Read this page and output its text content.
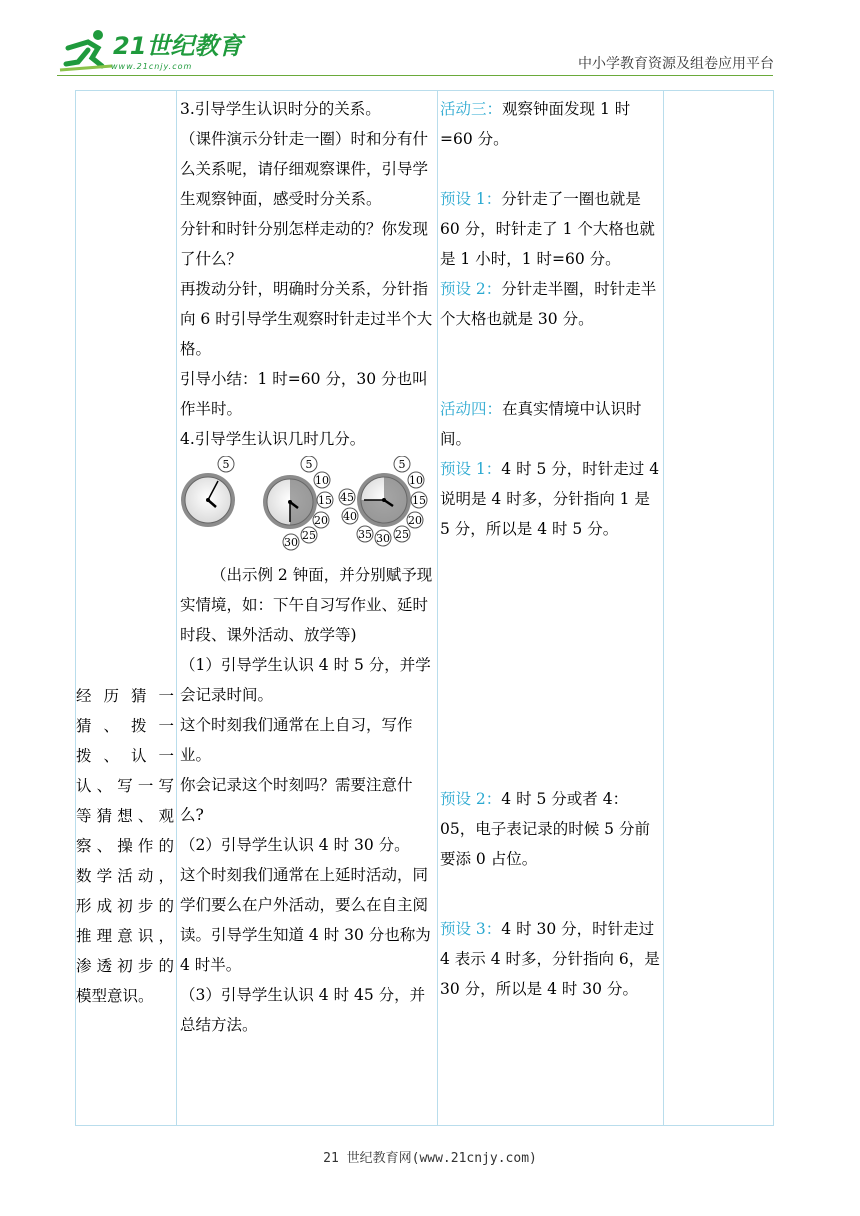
21世纪教育
www.21cnjy.com	中小学教育资源及组卷应用平台

经 历 猜 一

猜 、 拨 一

拨 、 认 一

认、写一写

等猜想、观

察、操作的

数学活动，

形成初步的

推理意识，

渗透初步的

模型意识。

3.引导学生认识时分的关系。

（课件演示分针走一圈）时和分有什么关系呢，请仔细观察课件，引导学生观察钟面，感受时分关系。

分针和时针分别怎样走动的？你发现了什么？

再拨动分针，明确时分关系，分针指向 6 时引导学生观察时针走过半个大格。

引导小结：1 时=60 分，30 分也叫作半时。

4.引导学生认识几时几分。

5	5
10
15
20
25
30
5
10
15
20
25
30
35
40
45

（出示例 2 钟面，并分别赋予现实情境，如：下午自习写作业、延时时段、课外活动、放学等)

（1）引导学生认识 4 时 5 分，并学会记录时间。

这个时刻我们通常在上自习，写作业。

你会记录这个时刻吗？需要注意什么?

（2）引导学生认识 4 时 30 分。

这个时刻我们通常在上延时活动，同学们要么在户外活动，要么在自主阅读。引导学生知道 4 时 30 分也称为 4 时半。

（3）引导学生认识 4 时 45 分，并总结方法。

活动三：观察钟面发现 1 时=60 分。

预设 1：分针走了一圈也就是 60 分，时针走了 1 个大格也就是 1 小时，1 时=60 分。

预设 2：分针走半圈，时针走半个大格也就是 30 分。

活动四：在真实情境中认识时间。

预设 1：4 时 5 分，时针走过 4 说明是 4 时多，分针指向 1 是 5 分，所以是 4 时 5 分。

预设 2：4 时 5 分或者 4：05，电子表记录的时候 5 分前要添 0 占位。

预设 3：4 时 30 分，时针走过 4 表示 4 时多，分针指向 6，是 30 分，所以是 4 时 30 分。

21 世纪教育网(www.21cnjy.com)
